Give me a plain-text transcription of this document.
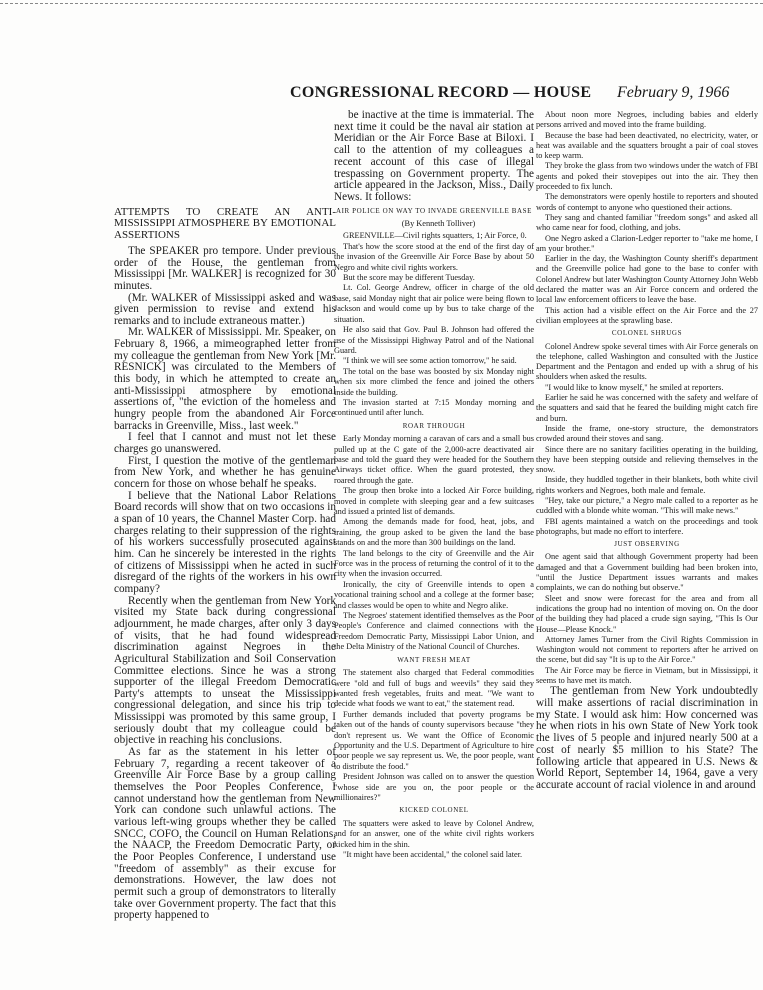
CONGRESSIONAL RECORD — HOUSE February 9, 1966

ATTEMPTS TO CREATE AN ANTI-MISSISSIPPI ATMOSPHERE BY EMOTIONAL ASSERTIONS

The SPEAKER pro tempore. Under previous order of the House, the gentleman from Mississippi [Mr. WALKER] is recognized for 30 minutes.

(Mr. WALKER of Mississippi asked and was given permission to revise and extend his remarks and to include extraneous matter.)

Mr. WALKER of Mississippi. Mr. Speaker, on February 8, 1966, a mimeographed letter from my colleague the gentleman from New York [Mr. RESNICK] was circulated to the Members of this body, in which he attempted to create an anti-Mississippi atmosphere by emotional assertions of, "the eviction of the homeless and hungry people from the abandoned Air Force barracks in Greenville, Miss., last week."

I feel that I cannot and must not let these charges go unanswered.

First, I question the motive of the gentleman from New York, and whether he has genuine concern for those on whose behalf he speaks.

I believe that the National Labor Relations Board records will show that on two occasions in a span of 10 years, the Channel Master Corp. had charges relating to their suppression of the rights of his workers successfully prosecuted against him. Can he sincerely be interested in the rights of citizens of Mississippi when he acted in such disregard of the rights of the workers in his own company?

Recently when the gentleman from New York visited my State back during congressional adjournment, he made charges, after only 3 days of visits, that he had found widespread discrimination against Negroes in the Agricultural Stabilization and Soil Conservation Committee elections. Since he was a strong supporter of the illegal Freedom Democratic Party's attempts to unseat the Mississippi congressional delegation, and since his trip to Mississippi was promoted by this same group, I seriously doubt that my colleague could be objective in reaching his conclusions.

As far as the statement in his letter of February 7, regarding a recent takeover of a Greenville Air Force Base by a group calling themselves the Poor Peoples Conference, I cannot understand how the gentleman from New York can condone such unlawful actions. The various left-wing groups whether they be called SNCC, COFO, the Council on Human Relations, the NAACP, the Freedom Democratic Party, or the Poor Peoples Conference, I understand use "freedom of assembly" as their excuse for demonstrations. However, the law does not permit such a group of demonstrators to literally take over Government property. The fact that this property happened to

be inactive at the time is immaterial. The next time it could be the naval air station at Meridian or the Air Force Base at Biloxi. I call to the attention of my colleagues a recent account of this case of illegal trespassing on Government property. The article appeared in the Jackson, Miss., Daily News. It follows:

AIR POLICE ON WAY TO INVADE GREENVILLE BASE

(By Kenneth Tolliver)

GREENVILLE—Civil rights squatters, 1; Air Force, 0.

That's how the score stood at the end of the first day of the invasion of the Greenville Air Force Base by about 50 Negro and white civil rights workers.

But the score may be different Tuesday.

Lt. Col. George Andrew, officer in charge of the old base, said Monday night that air police were being flown to Jackson and would come up by bus to take charge of the situation.

He also said that Gov. Paul B. Johnson had offered the use of the Mississippi Highway Patrol and of the National Guard.

"I think we will see some action tomorrow," he said.

The total on the base was boosted by six Monday night when six more climbed the fence and joined the others inside the building.

The invasion started at 7:15 Monday morning and continued until after lunch.

ROAR THROUGH

Early Monday morning a caravan of cars and a small bus pulled up at the C gate of the 2,000-acre deactivated air base and told the guard they were headed for the Southern Airways ticket office. When the guard protested, they roared through the gate.

The group then broke into a locked Air Force building, moved in complete with sleeping gear and a few suitcases and issued a printed list of demands.

Among the demands made for food, heat, jobs, and training, the group asked to be given the land the base stands on and the more than 300 buildings on the land.

The land belongs to the city of Greenville and the Air Force was in the process of returning the control of it to the city when the invasion occurred.

Ironically, the city of Greenville intends to open a vocational training school and a college at the former base; and classes would be open to white and Negro alike.

The Negroes' statement identified themselves as the Poor People's Conference and claimed connections with the Freedom Democratic Party, Mississippi Labor Union, and the Delta Ministry of the National Council of Churches.

WANT FRESH MEAT

The statement also charged that Federal commodities were "old and full of bugs and weevils" they said they wanted fresh vegetables, fruits and meat. "We want to decide what foods we want to eat," the statement read.

Further demands included that poverty programs be taken out of the hands of county supervisors because "they don't represent us. We want the Office of Economic Opportunity and the U.S. Department of Agriculture to hire poor people we say represent us. We, the poor people, want to distribute the food."

President Johnson was called on to answer the question "whose side are you on, the poor people or the millionaires?"

KICKED COLONEL

The squatters were asked to leave by Colonel Andrew, and for an answer, one of the white civil rights workers kicked him in the shin.

"It might have been accidental," the colonel said later.

About noon more Negroes, including babies and elderly persons arrived and moved into the frame building.

Because the base had been deactivated, no electricity, water, or heat was available and the squatters brought a pair of coal stoves to keep warm.

They broke the glass from two windows under the watch of FBI agents and poked their stovepipes out into the air. They then proceeded to fix lunch.

The demonstrators were openly hostile to reporters and shouted words of contempt to anyone who questioned their actions.

They sang and chanted familiar "freedom songs" and asked all who came near for food, clothing, and jobs.

One Negro asked a Clarion-Ledger reporter to "take me home, I am your brother."

Earlier in the day, the Washington County sheriff's department and the Greenville police had gone to the base to confer with Colonel Andrew but later Washington County Attorney John Webb declared the matter was an Air Force concern and ordered the local law enforcement officers to leave the base.

This action had a visible effect on the Air Force and the 27 civilian employees at the sprawling base.

COLONEL SHRUGS

Colonel Andrew spoke several times with Air Force generals on the telephone, called Washington and consulted with the Justice Department and the Pentagon and ended up with a shrug of his shoulders when asked the results.

"I would like to know myself," he smiled at reporters.

Earlier he said he was concerned with the safety and welfare of the squatters and said that he feared the building might catch fire and burn.

Inside the frame, one-story structure, the demonstrators crowded around their stoves and sang.

Since there are no sanitary facilities operating in the building, they have been stepping outside and relieving themselves in the snow.

Inside, they huddled together in their blankets, both white civil rights workers and Negroes, both male and female.

"Hey, take our picture," a Negro male called to a reporter as he cuddled with a blonde white woman. "This will make news."

FBI agents maintained a watch on the proceedings and took photographs, but made no effort to interfere.

JUST OBSERVING

One agent said that although Government property had been damaged and that a Government building had been broken into, "until the Justice Department issues warrants and makes complaints, we can do nothing but observe."

Sleet and snow were forecast for the area and from all indications the group had no intention of moving on. On the door of the building they had placed a crude sign saying, "This Is Our House—Please Knock."

Attorney James Turner from the Civil Rights Commission in Washington would not comment to reporters after he arrived on the scene, but did say "It is up to the Air Force."

The Air Force may be fierce in Vietnam, but in Mississippi, it seems to have met its match.

The gentleman from New York undoubtedly will make assertions of racial discrimination in my State. I would ask him: How concerned was he when riots in his own State of New York took the lives of 5 people and injured nearly 500 at a cost of nearly $5 million to his State? The following article that appeared in U.S. News & World Report, September 14, 1964, gave a very accurate account of racial violence in and around
